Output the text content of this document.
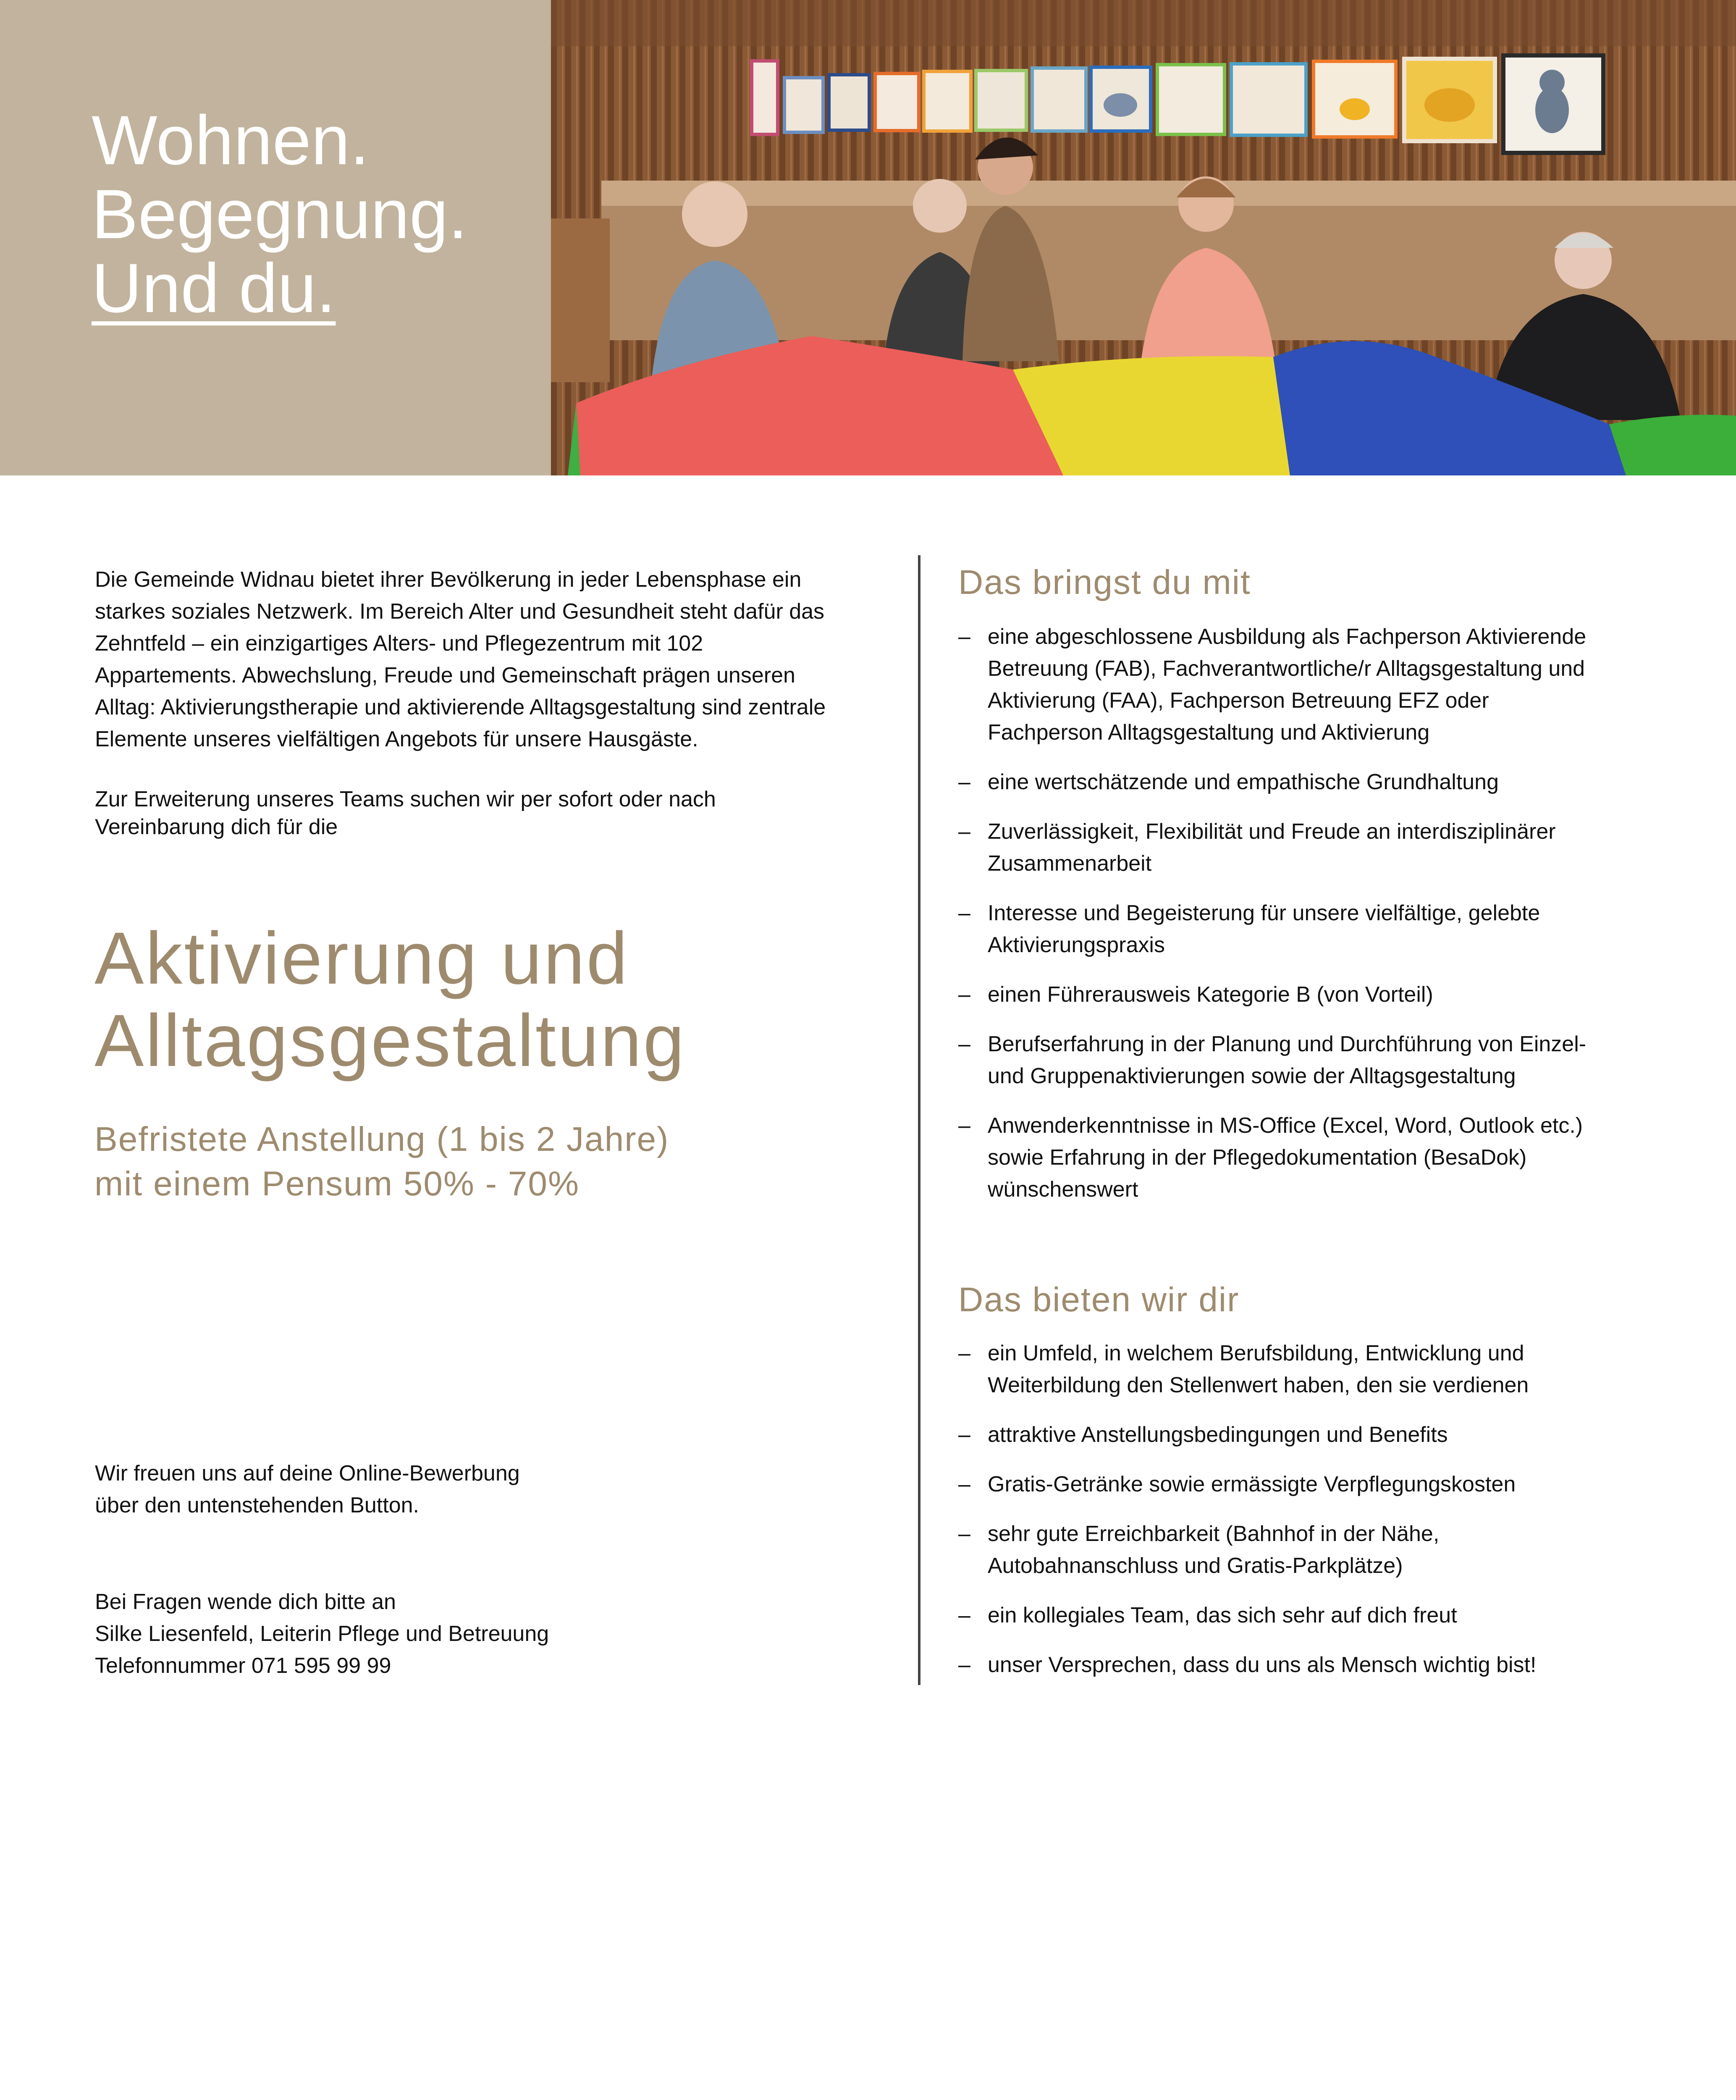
Wohnen.
Begegnung.
Und du.
Die Gemeinde Widnau bietet ihrer Bevölkerung in jeder Lebensphase ein
starkes soziales Netzwerk. Im Bereich Alter und Gesundheit steht dafür das
Zehntfeld – ein einzigartiges Alters- und Pflegezentrum mit 102
Appartements. Abwechslung, Freude und Gemeinschaft prägen unseren
Alltag: Aktivierungstherapie und aktivierende Alltagsgestaltung sind zentrale
Elemente unseres vielfältigen Angebots für unsere Hausgäste.
Zur Erweiterung unseres Teams suchen wir per sofort oder nach
Vereinbarung dich für die
Aktivierung und
Alltagsgestaltung
Befristete Anstellung (1 bis 2 Jahre)
mit einem Pensum 50% - 70%
Wir freuen uns auf deine Online-Bewerbung
über den untenstehenden Button.
Bei Fragen wende dich bitte an
Silke Liesenfeld, Leiterin Pflege und Betreuung
Telefonnummer 071 595 99 99
Das bringst du mit
– eine abgeschlossene Ausbildung als Fachperson Aktivierende
Betreuung (FAB), Fachverantwortliche/r Alltagsgestaltung und
Aktivierung (FAA), Fachperson Betreuung EFZ oder
Fachperson Alltagsgestaltung und Aktivierung
– eine wertschätzende und empathische Grundhaltung
– Zuverlässigkeit, Flexibilität und Freude an interdisziplinärer
Zusammenarbeit
– Interesse und Begeisterung für unsere vielfältige, gelebte
Aktivierungspraxis
– einen Führerausweis Kategorie B (von Vorteil)
– Berufserfahrung in der Planung und Durchführung von Einzel-
und Gruppenaktivierungen sowie der Alltagsgestaltung
– Anwenderkenntnisse in MS-Office (Excel, Word, Outlook etc.)
sowie Erfahrung in der Pflegedokumentation (BesaDok)
wünschenswert
Das bieten wir dir
– ein Umfeld, in welchem Berufsbildung, Entwicklung und
Weiterbildung den Stellenwert haben, den sie verdienen
– attraktive Anstellungsbedingungen und Benefits
– Gratis-Getränke sowie ermässigte Verpflegungskosten
– sehr gute Erreichbarkeit (Bahnhof in der Nähe,
Autobahnanschluss und Gratis-Parkplätze)
– ein kollegiales Team, das sich sehr auf dich freut
– unser Versprechen, dass du uns als Mensch wichtig bist!
